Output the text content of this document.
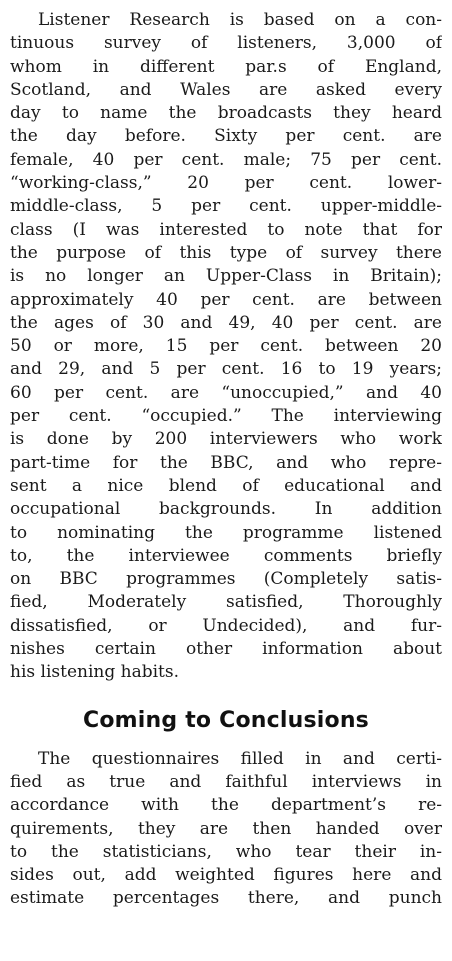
Listener Research is based on a con-
tinuous survey of listeners, 3,000 of
whom in different par.s of England,
Scotland, and Wales are asked every
day to name the broadcasts they heard
the day before. Sixty per cent. are
female, 40 per cent. male; 75 per cent.
“working-class,” 20 per cent. lower-
middle-class, 5 per cent. upper-middle-
class (I was interested to note that for
the purpose of this type of survey there
is no longer an Upper-Class in Britain);
approximately 40 per cent. are between
the ages of 30 and 49, 40 per cent. are
50 or more, 15 per cent. between 20
and 29, and 5 per cent. 16 to 19 years;
60 per cent. are “unoccupied,” and 40
per cent. “occupied.” The interviewing
is done by 200 interviewers who work
part-time for the BBC, and who repre-
sent a nice blend of educational and
occupational backgrounds. In addition
to nominating the programme listened
to, the interviewee comments briefly
on BBC programmes (Completely satis-
fied, Moderately satisfied, Thoroughly
dissatisfied, or Undecided), and fur-
nishes certain other information about
his listening habits.
Coming to Conclusions
The questionnaires filled in and certi-
fied as true and faithful interviews in
accordance with the department’s re-
quirements, they are then handed over
to the statisticians, who tear their in-
sides out, add weighted figures here and
estimate percentages there, and punch
